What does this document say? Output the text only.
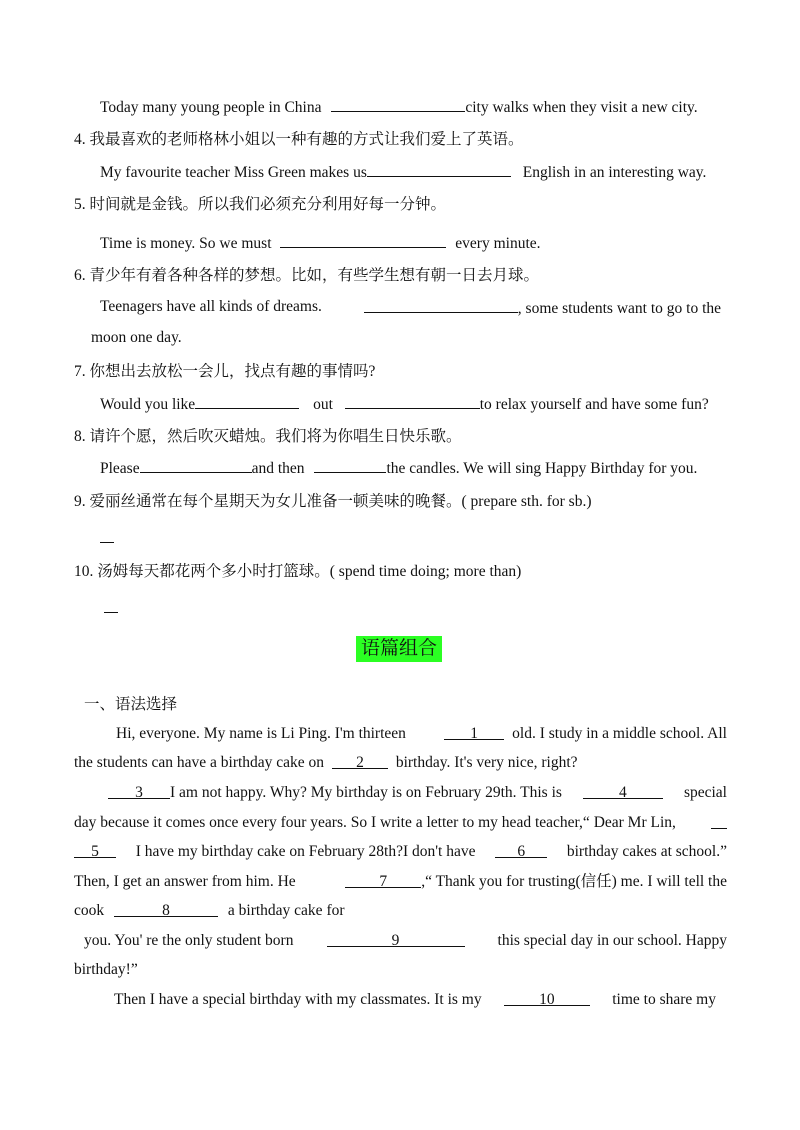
Today many young people in China	city walks when they visit a new city.
4. 我最喜欢的老师格林小姐以一种有趣的方式让我们爱上了英语。
My favourite teacher Miss Green makes us	English in an interesting way.
5. 时间就是金钱。所以我们必须充分利用好每一分钟。
Time is money. So we must	every minute.
6. 青少年有着各种各样的梦想。比如，有些学生想有朝一日去月球。
Teenagers have all kinds of dreams.	, some students want to go to the
moon one day.
7. 你想出去放松一会儿，找点有趣的事情吗?
Would you like	out	to relax yourself and have some fun?
8. 请许个愿，然后吹灭蜡烛。我们将为你唱生日快乐歌。
Please	and then	the candles. We will sing Happy Birthday for you.
9. 爱丽丝通常在每个星期天为女儿准备一顿美味的晚餐。( prepare sth. for sb.)
10. 汤姆每天都花两个多小时打篮球。( spend time doing; more than)
语篇组合
一、语法选择
Hi, everyone. My name is Li Ping. I'm thirteen	1 old. I study in a middle school. All
the students can have a birthday cake on 2 birthday. It's very nice, right?
3 I am not happy. Why? My birthday is on February 29th. This is	4	special
day because it comes once every four years. So I write a letter to my head teacher,“ Dear Mr Lin,
5	I have my birthday cake on February 28th?I don't have	6	birthday cakes at school.”
Then, I get an answer from him. He	7 ,“ Thank you for trusting(信任) me. I will tell the
cook	8	a birthday cake for
you. You' re the only student born	9	this special day in our school. Happy
birthday!”
Then I have a special birthday with my classmates. It is my	10	time to share my
